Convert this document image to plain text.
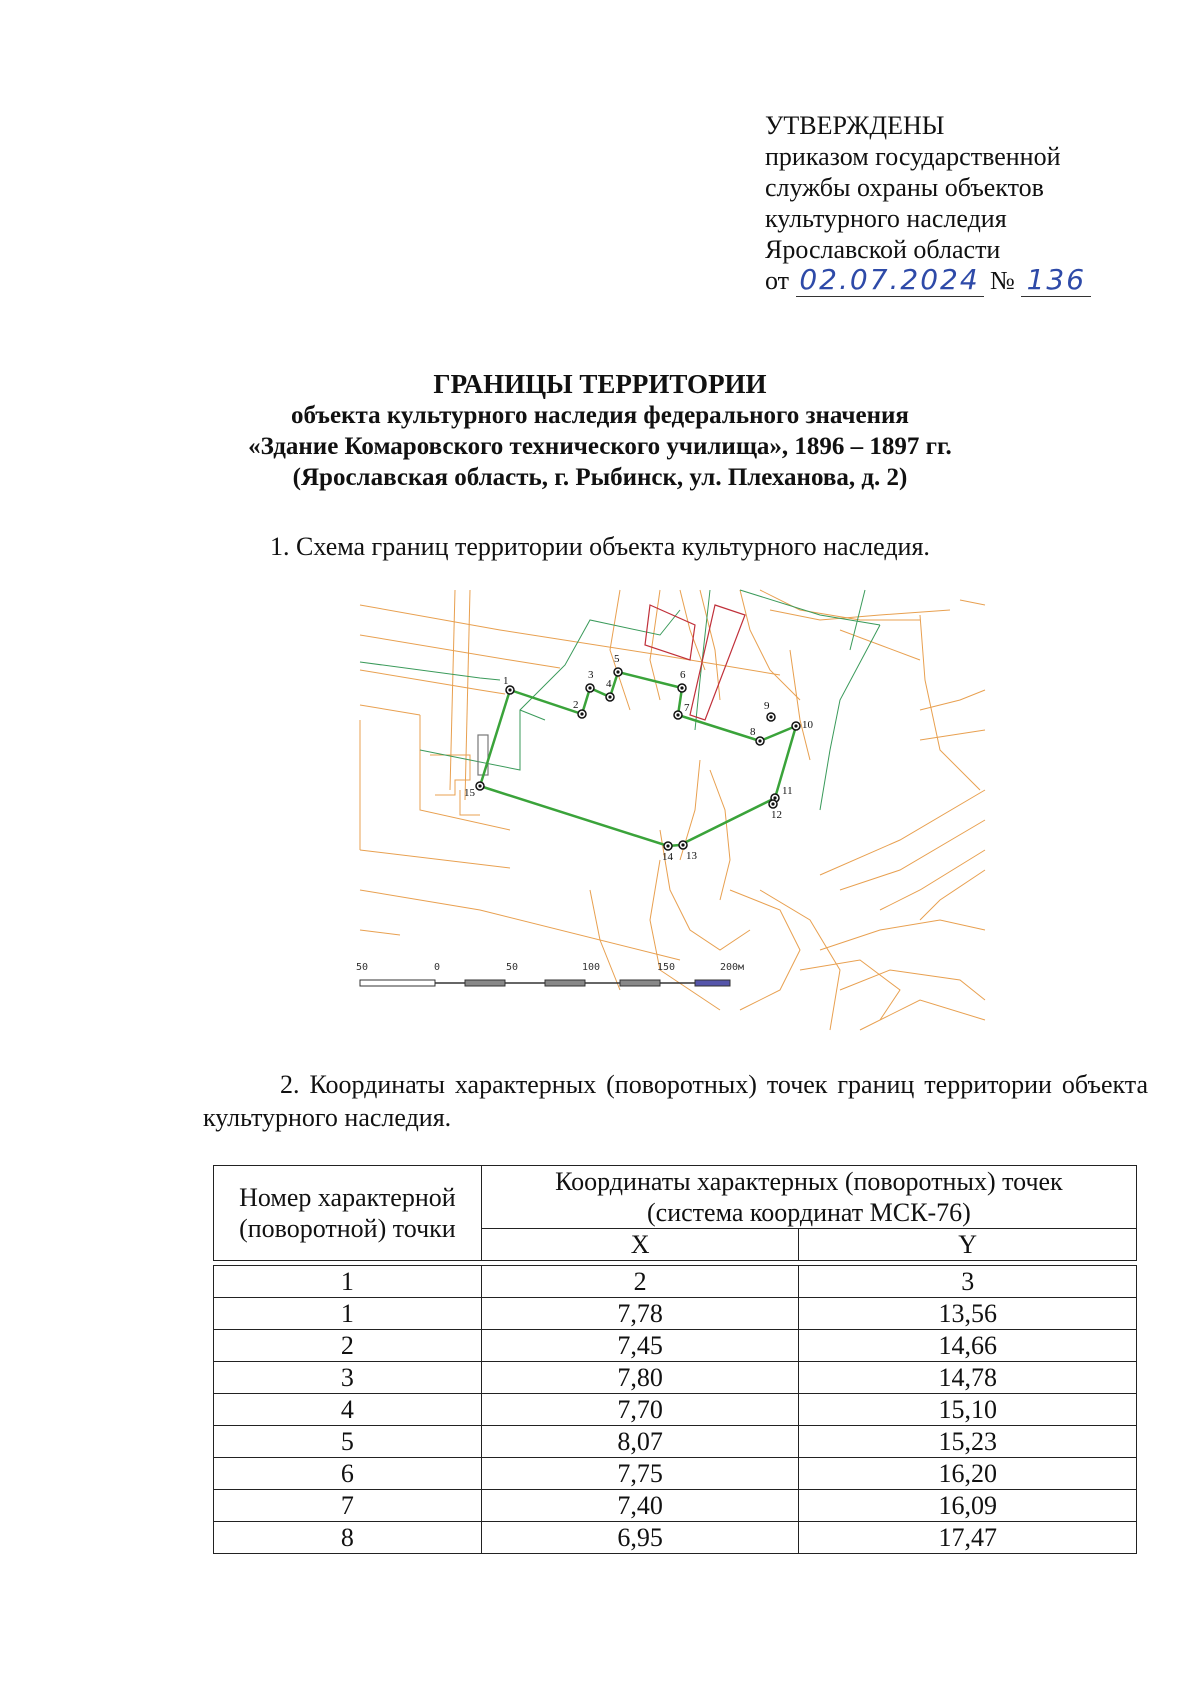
УТВЕРЖДЕНЫ
приказом государственной
службы охраны объектов
культурного наследия
Ярославской области
от 02.07.2024 № 136
ГРАНИЦЫ ТЕРРИТОРИИ
объекта культурного наследия федерального значения
«Здание Комаровского технического училища», 1896 – 1897 гг.
(Ярославская область, г. Рыбинск, ул. Плеханова, д. 2)
1. Схема границ территории объекта культурного наследия.
1
2
3
4
5
6
7
8
9
10
11
12
13
14
15
50	0	50	100	150	200м
2. Координаты характерных (поворотных) точек границ территории объекта культурного наследия.
Номер характерной (поворотной) точки	Координаты характерных (поворотных) точек (система координат МСК-76)	
	X	Y

1	2	3
1	7,78	13,56
2	7,45	14,66
3	7,80	14,78
4	7,70	15,10
5	8,07	15,23
6	7,75	16,20
7	7,40	16,09
8	6,95	17,47
